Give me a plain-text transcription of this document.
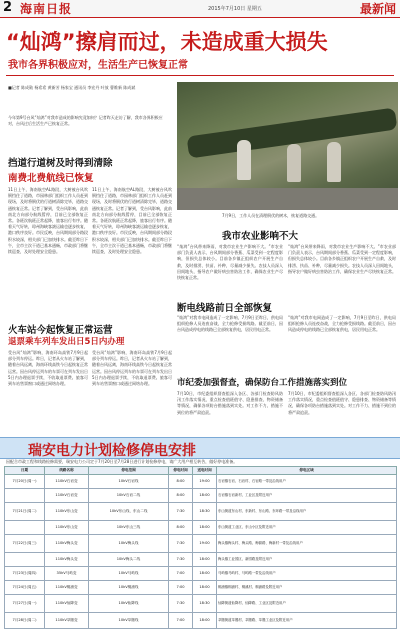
2 海南日报	2015年7月10日 星期五	最新闻
“灿鸿”擦肩而过，未造成重大损失
我市各界积极应对，生活生产已恢复正常
■记者 陈成勋 杨希希 黄新芳 杨家宝 通讯员 李宏丹 叶放 曹维新 陈成斌
今年第9号台风“灿鸿”对我市造成的影响究竟如何？记者昨天走访了解，我市各界积极应对，台风过后生活生产已恢复正常。
7月9日，工作人员在清理倒伏的树木，恢复道路交通。
挡道行道树及时得到清除
南费北费航线已恢复
11日上午，海南航空AL路段，大树被台风吹倒挡住了道路，市园林部门组织工作人员赶到现场，及时将倒伏的行道树清除完毕，道路交通恢复正常。记者了解到，受台风影响，此前南北方向部分航线暂停，目前已全部恢复正常。各班次航班正常起降，旅客出行有序。随着天气好转，琼州海峡客滚运输也逐步恢复，港口秩序良好。市民反映，台风期间部分路段积水较深，相关部门已加快排水。截至昨日下午，全市主次干道已基本通畅，市政部门将继续巡查，及时处理安全隐患。
11日上午，海南航空AL路段，大树被台风吹倒挡住了道路，市园林部门组织工作人员赶到现场，及时将倒伏的行道树清除完毕，道路交通恢复正常。记者了解到，受台风影响，此前南北方向部分航线暂停，目前已全部恢复正常。各班次航班正常起降，旅客出行有序。随着天气好转，琼州海峡客滚运输也逐步恢复，港口秩序良好。市民反映，台风期间部分路段积水较深，相关部门已加快排水。截至昨日下午，全市主次干道已基本通畅，市政部门将继续巡查，及时处理安全隐患。
我市农业影响不大
“灿鸿”台风带来降雨，对我市农业生产影响不大。”市农业部门负责人表示，台风期间部分香蕉、瓜菜受到一定程度影响，但损失总体较小。目前各乡镇正组织农户开展生产自救，及时排涝、扶苗、补种，尽量减少损失。农技人员深入田间地头，指导农户做好病虫害防治工作，确保农业生产尽快恢复正常。
“灿鸿”台风带来降雨，对我市农业生产影响不大。”市农业部门负责人表示，台风期间部分香蕉、瓜菜受到一定程度影响，但损失总体较小。目前各乡镇正组织农户开展生产自救，及时排涝、扶苗、补种，尽量减少损失。农技人员深入田间地头，指导农户做好病虫害防治工作，确保农业生产尽快恢复正常。
断电线路前日全部恢复
“灿鸿”对我市电网造成了一定影响，7月9日至昨日，供电局组织抢修人员连夜奋战，全力抢修受损线路。截至前日，因台风造成停电的线路已全部恢复供电，居民用电正常。
“灿鸿”对我市电网造成了一定影响，7月9日至昨日，供电局组织抢修人员连夜奋战，全力抢修受损线路。截至前日，因台风造成停电的线路已全部恢复供电，居民用电正常。
火车站今起恢复正常运营
退票乘车列车发出日5日内办理
受台风“灿鸿”影响，海南环岛高铁7月9日起部分列车停运。昨日，记者从火车站了解到，随着台风远离，海南环线高铁今日起恢复正常运营。因台风停运列车的车票可在列车发出日5日内办理退票手续，不收取退票费。旅客可到车站售票窗口或通过网络办理。
受台风“灿鸿”影响，海南环岛高铁7月9日起部分列车停运。昨日，记者从火车站了解到，随着台风远离，海南环线高铁今日起恢复正常运营。因台风停运列车的车票可在列车发出日5日内办理退票手续，不收取退票费。旅客可到车站售票窗口或通过网络办理。	市纪委加强督查，确保防台工作措施落实到位
7月10日，市纪委组织督查组深入各区、各部门检查防风防汛工作落实情况，重点检查值班值守、隐患排查、物资储备等情况，确保各项防台措施落到实处。对工作不力、措施不到位的将严肃追责。
7月10日，市纪委组织督查组深入各区、各部门检查防风防汛工作落实情况，重点检查值班值守、隐患排查、物资储备等情况，确保各项防台措施落到实处。对工作不力、措施不到位的将严肃追责。
瑞安电力计划检修停电安排
因配合市政工程和线路检修需要，瑞安电力公司定于7月20日至7月28日进行计划检修停电，请广大用户相互转告，做好停电准备。
日期	线路名称	停电范围	停电时间	送电时间	停电区域
7月20日(周一)	110kV石岩变	10kV石岩线	8:00	19:00	石岩镇石岩、石岩村、石岩路一带及沿线用户
	110kV石岩变	10kV石岩二线	8:00	18:00	石岩镇石岩新村、工业区及附近用户
7月21日(周二)	110kV东山变	10kV东山线、东山二线	7:30	18:30	东山街道东山村、东新村、东山路、东环路一带及沿线用户
	110kV东山变	10kV东山三线	8:00	18:00	东山街道工业区、东山小区及附近用户
7月22日(周三)	110kV梅头变	10kV梅头线	7:30	19:00	梅头镇梅头村、梅头路、梅源路、梅新村一带及沿线用户
	110kV梅头变	10kV梅头二线	7:30	18:00	梅头镇工业园区、新园路及附近用户
7月23日(周四)	35kV马屿变	10kV马屿线	7:00	18:00	马屿镇马屿村、马屿路一带及沿线用户
7月24日(周五)	110kV桐浦变	10kV桐浦线	7:00	18:00	桐浦镇桐浦村、桐溪村、桐浦路及附近用户
7月27日(周一)	110kV仙降变	10kV仙降线	7:30	18:30	仙降街道仙降村、仙降路、工业区及附近用户
7月28日(周二)	110kV莘塍变	10kV莘塍线	7:00	18:00	莘塍街道莘塍村、莘塍路、莘塍工业区及附近用户
